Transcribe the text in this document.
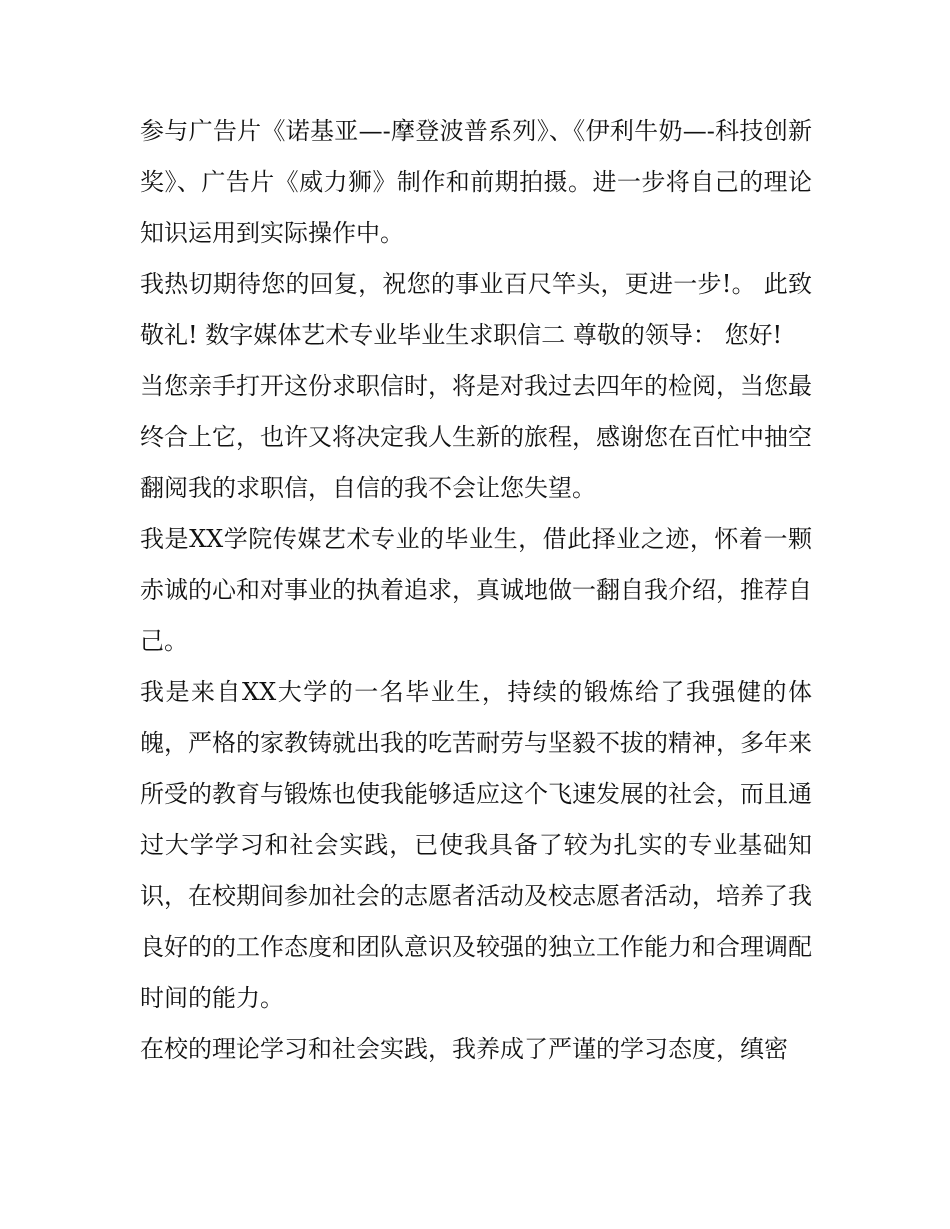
参与广告片《诺基亚—-摩登波普系列》、《伊利牛奶—-科技创新奖》、广告片《威力狮》制作和前期拍摄。进一步将自己的理论知识运用到实际操作中。

我热切期待您的回复，祝您的事业百尺竿头，更进一步!。 此致 敬礼! 数字媒体艺术专业毕业生求职信二 尊敬的领导： 您好!

当您亲手打开这份求职信时，将是对我过去四年的检阅，当您最终合上它，也许又将决定我人生新的旅程，感谢您在百忙中抽空翻阅我的求职信，自信的我不会让您失望。

我是XX学院传媒艺术专业的毕业生，借此择业之迹，怀着一颗赤诚的心和对事业的执着追求，真诚地做一翻自我介绍，推荐自己。

我是来自XX大学的一名毕业生，持续的锻炼给了我强健的体魄，严格的家教铸就出我的吃苦耐劳与坚毅不拔的精神，多年来所受的教育与锻炼也使我能够适应这个飞速发展的社会，而且通过大学学习和社会实践，已使我具备了较为扎实的专业基础知识，在校期间参加社会的志愿者活动及校志愿者活动，培养了我良好的的工作态度和团队意识及较强的独立工作能力和合理调配时间的能力。

在校的理论学习和社会实践，我养成了严谨的学习态度，缜密
